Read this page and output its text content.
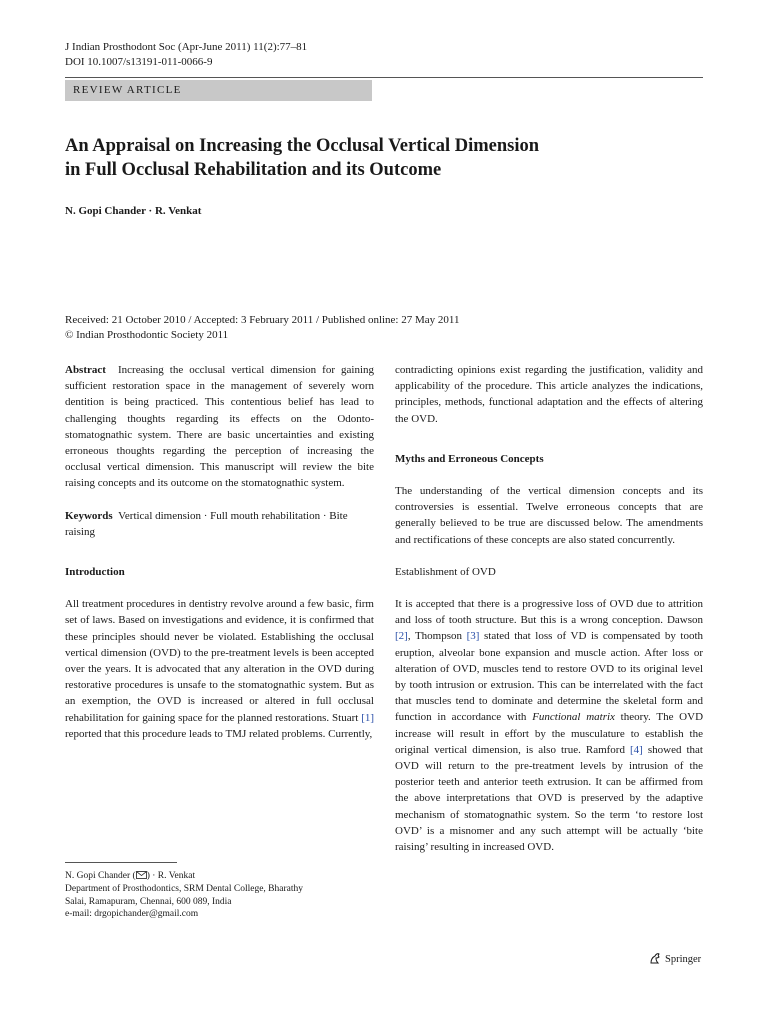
J Indian Prosthodont Soc (Apr-June 2011) 11(2):77–81
DOI 10.1007/s13191-011-0066-9
REVIEW ARTICLE
An Appraisal on Increasing the Occlusal Vertical Dimension
in Full Occlusal Rehabilitation and its Outcome
N. Gopi Chander · R. Venkat
Received: 21 October 2010 / Accepted: 3 February 2011 / Published online: 27 May 2011
© Indian Prosthodontic Society 2011

Abstract Increasing the occlusal vertical dimension for gaining sufficient restoration space in the management of severely worn dentition is being practiced. This contentious belief has lead to challenging thoughts regarding its effects on the Odonto-stomatognathic system. There are basic uncertainties and existing erroneous thoughts regarding the perception of increasing the occlusal vertical dimension. This manuscript will review the bite raising concepts and its outcome on the stomatognathic system.

Keywords Vertical dimension · Full mouth rehabilitation · Bite raising

Introduction

All treatment procedures in dentistry revolve around a few basic, firm set of laws. Based on investigations and evidence, it is confirmed that these principles should never be violated. Establishing the occlusal vertical dimension (OVD) to the pre-treatment levels is been accepted over the years. It is advocated that any alteration in the OVD during restorative procedures is unsafe to the stomatognathic system. But as an exemption, the OVD is increased or altered in full occlusal rehabilitation for gaining space for the planned restorations. Stuart [1] reported that this procedure leads to TMJ related problems. Currently,

contradicting opinions exist regarding the justification, validity and applicability of the procedure. This article analyzes the indications, principles, methods, functional adaptation and the effects of altering the OVD.

Myths and Erroneous Concepts

The understanding of the vertical dimension concepts and its controversies is essential. Twelve erroneous concepts that are generally believed to be true are discussed below. The amendments and rectifications of these concepts are also stated concurrently.

Establishment of OVD

It is accepted that there is a progressive loss of OVD due to attrition and loss of tooth structure. But this is a wrong conception. Dawson [2], Thompson [3] stated that loss of VD is compensated by tooth eruption, alveolar bone expansion and muscle action. After loss or alteration of OVD, muscles tend to restore OVD to its original level by tooth intrusion or extrusion. This can be interrelated with the fact that muscles tend to dominate and determine the skeletal form and function in accordance with Functional matrix theory. The OVD increase will result in effort by the musculature to establish the original vertical dimension, is also true. Ramford [4] showed that OVD will return to the pre-treatment levels by intrusion of the posterior teeth and anterior teeth extrusion. It can be affirmed from the above interpretations that OVD is preserved by the adaptive mechanism of stomatognathic system. So the term ‘to restore lost OVD’ is a misnomer and any such attempt will be actually ‘bite raising’ resulting in increased OVD.

N. Gopi Chander ( ) · R. Venkat
Department of Prosthodontics, SRM Dental College, Bharathy
Salai, Ramapuram, Chennai, 600 089, India
e-mail: drgopichander@gmail.com
Springer
